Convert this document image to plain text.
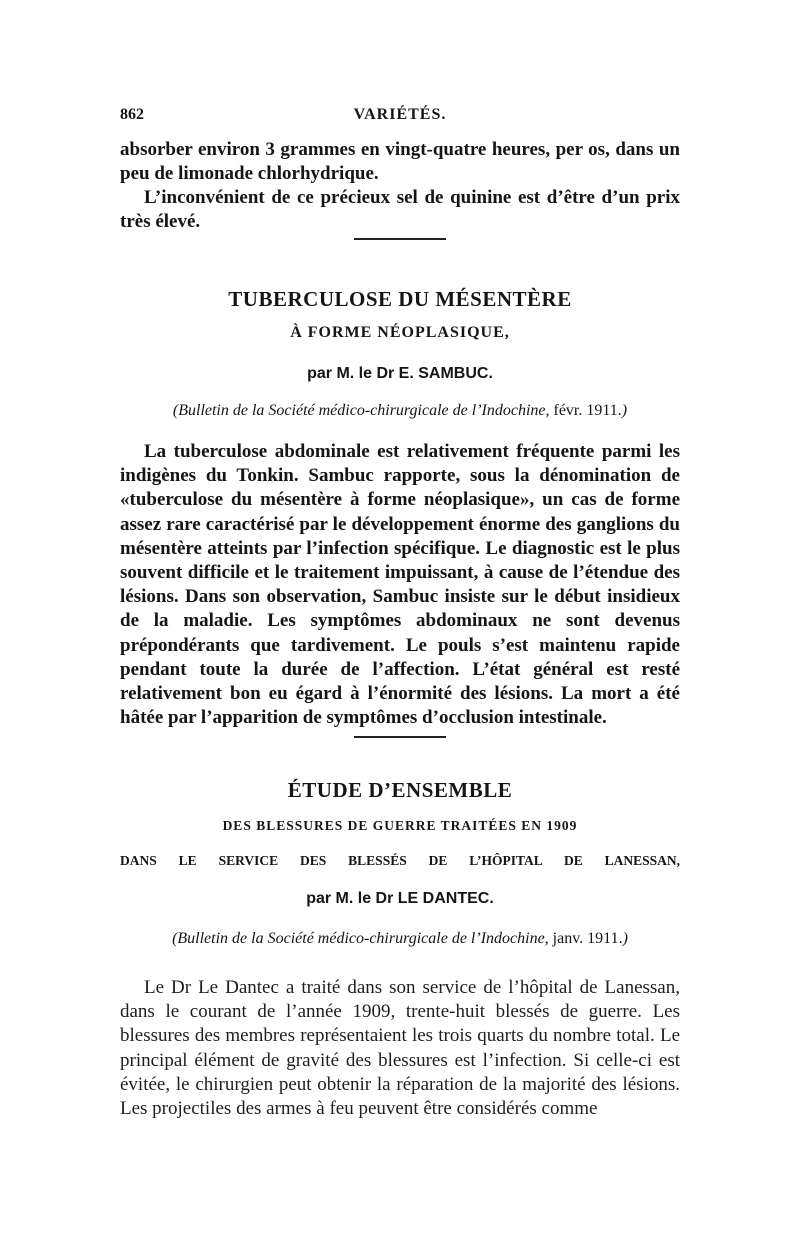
862	VARIÉTÉS.

absorber environ 3 grammes en vingt-quatre heures, per os, dans un peu de limonade chlorhydrique.

L’inconvénient de ce précieux sel de quinine est d’être d’un prix très élevé.

TUBERCULOSE DU MÉSENTÈRE

À FORME NÉOPLASIQUE,

par M. le Dr E. SAMBUC.

(Bulletin de la Société médico-chirurgicale de l’Indochine, févr. 1911.)

La tuberculose abdominale est relativement fréquente parmi les indigènes du Tonkin. Sambuc rapporte, sous la dénomination de «tuberculose du mésentère à forme néoplasique», un cas de forme assez rare caractérisé par le développement énorme des ganglions du mésentère atteints par l’infection spécifique. Le diagnostic est le plus souvent difficile et le traitement impuissant, à cause de l’étendue des lésions. Dans son observation, Sambuc insiste sur le début insidieux de la maladie. Les symptômes abdominaux ne sont devenus prépondérants que tardivement. Le pouls s’est maintenu rapide pendant toute la durée de l’affection. L’état général est resté relativement bon eu égard à l’énormité des lésions. La mort a été hâtée par l’apparition de symptômes d’occlusion intestinale.

ÉTUDE D’ENSEMBLE

DES BLESSURES DE GUERRE TRAITÉES EN 1909

DANS LE SERVICE DES BLESSÉS DE L’HÔPITAL DE LANESSAN,

par M. le Dr LE DANTEC.

(Bulletin de la Société médico-chirurgicale de l’Indochine, janv. 1911.)

Le Dr Le Dantec a traité dans son service de l’hôpital de Lanessan, dans le courant de l’année 1909, trente-huit blessés de guerre. Les blessures des membres représentaient les trois quarts du nombre total. Le principal élément de gravité des blessures est l’infection. Si celle-ci est évitée, le chirurgien peut obtenir la réparation de la majorité des lésions. Les projectiles des armes à feu peuvent être considérés comme
